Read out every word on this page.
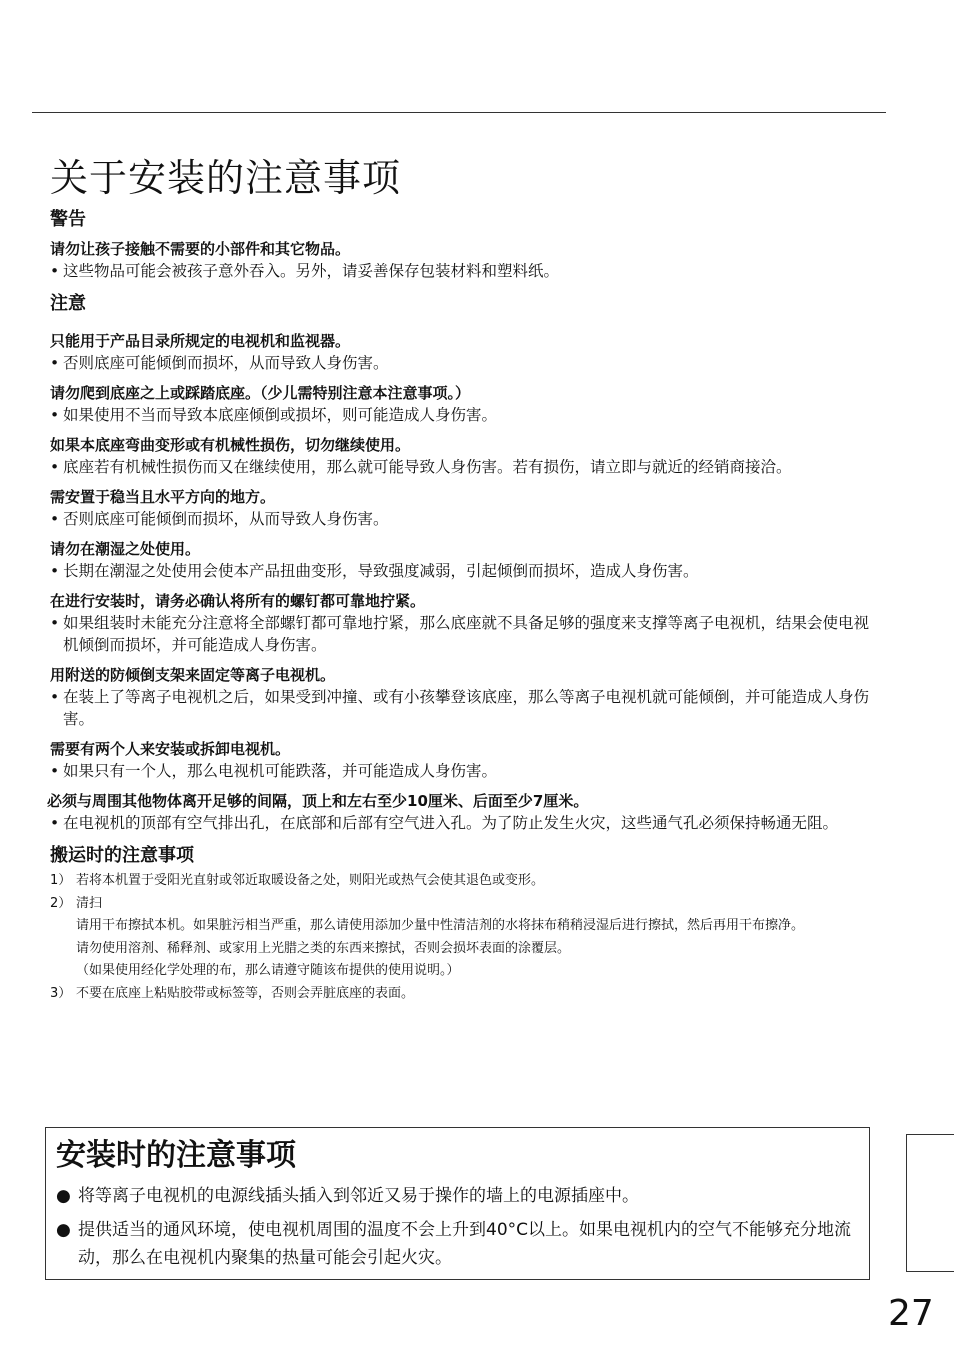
关于安装的注意事项

警告

请勿让孩子接触不需要的小部件和其它物品。

• 这些物品可能会被孩子意外吞入。另外，请妥善保存包装材料和塑料纸。

注意

只能用于产品目录所规定的电视机和监视器。

• 否则底座可能倾倒而损坏，从而导致人身伤害。

请勿爬到底座之上或踩踏底座。（少儿需特别注意本注意事项。）

• 如果使用不当而导致本底座倾倒或损坏，则可能造成人身伤害。

如果本底座弯曲变形或有机械性损伤，切勿继续使用。

• 底座若有机械性损伤而又在继续使用，那么就可能导致人身伤害。若有损伤，请立即与就近的经销商接洽。

需安置于稳当且水平方向的地方。

• 否则底座可能倾倒而损坏，从而导致人身伤害。

请勿在潮湿之处使用。

• 长期在潮湿之处使用会使本产品扭曲变形，导致强度减弱，引起倾倒而损坏，造成人身伤害。

在进行安装时，请务必确认将所有的螺钉都可靠地拧紧。

• 如果组装时未能充分注意将全部螺钉都可靠地拧紧，那么底座就不具备足够的强度来支撑等离子电视机，结果会使电视机倾倒而损坏，并可能造成人身伤害。

用附送的防倾倒支架来固定等离子电视机。

• 在装上了等离子电视机之后，如果受到冲撞、或有小孩攀登该底座，那么等离子电视机就可能倾倒，并可能造成人身伤害。

需要有两个人来安装或拆卸电视机。

• 如果只有一个人，那么电视机可能跌落，并可能造成人身伤害。

必须与周围其他物体离开足够的间隔，顶上和左右至少10厘米、后面至少7厘米。

• 在电视机的顶部有空气排出孔，在底部和后部有空气进入孔。为了防止发生火灾，这些通气孔必须保持畅通无阻。

搬运时的注意事项

1） 若将本机置于受阳光直射或邻近取暖设备之处，则阳光或热气会使其退色或变形。

2） 清扫

请用干布擦拭本机。如果脏污相当严重，那么请使用添加少量中性清洁剂的水将抹布稍稍浸湿后进行擦拭，然后再用干布擦净。

请勿使用溶剂、稀释剂、或家用上光腊之类的东西来擦拭，否则会损坏表面的涂覆层。

（如果使用经化学处理的布，那么请遵守随该布提供的使用说明。）

3） 不要在底座上粘贴胶带或标签等，否则会弄脏底座的表面。

安装时的注意事项

● 将等离子电视机的电源线插头插入到邻近又易于操作的墙上的电源插座中。

● 提供适当的通风环境，使电视机周围的温度不会上升到40°C以上。如果电视机内的空气不能够充分地流动，那么在电视机内聚集的热量可能会引起火灾。

27
